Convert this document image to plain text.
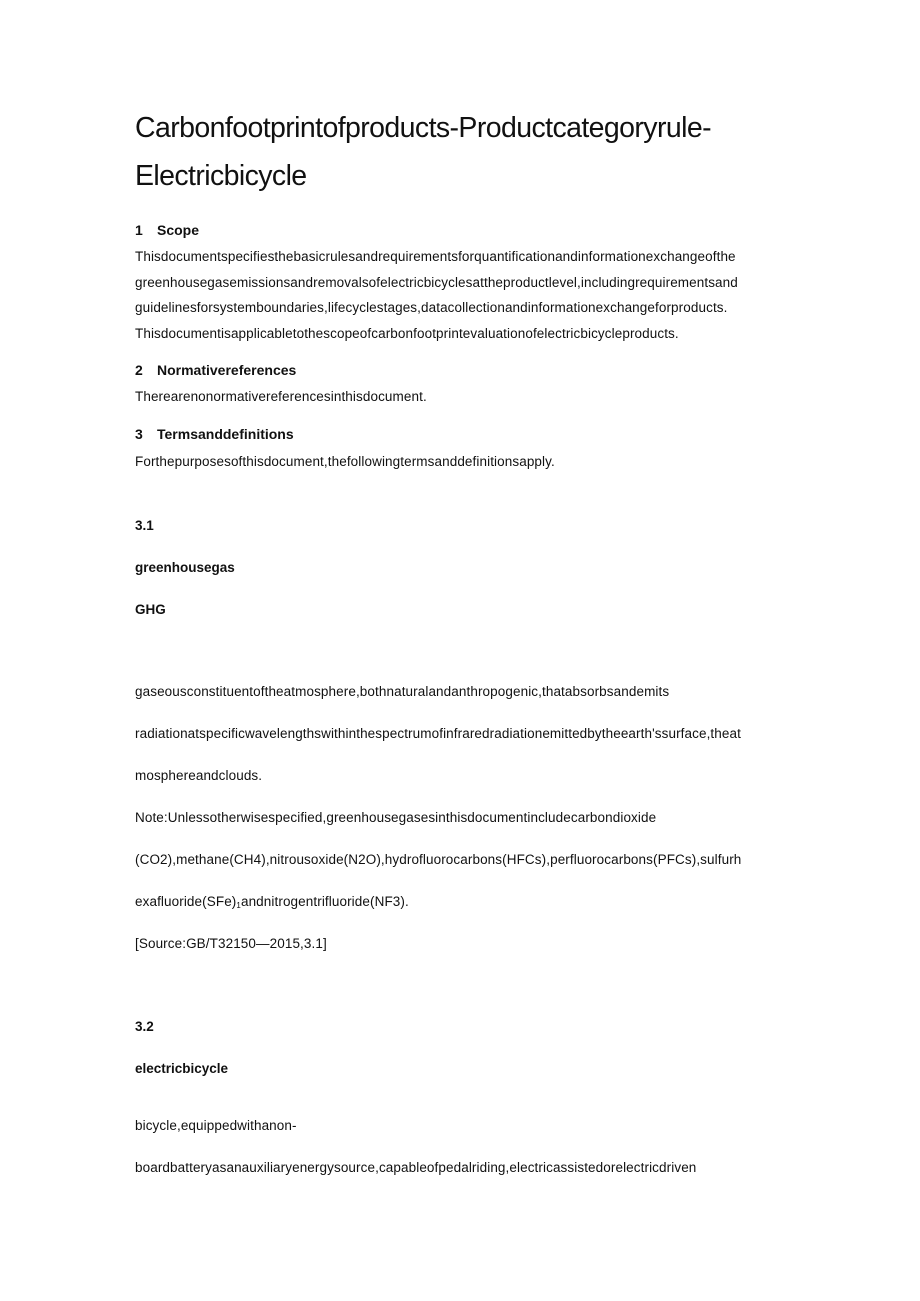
Carbonfootprintofproducts-Productcategoryrule-
Electricbicycle
1 Scope
Thisdocumentspecifiesthebasicrulesandrequirementsforquantificationandinformationexchangeofthe
greenhousegasemissionsandremovalsofelectricbicyclesattheproductlevel,includingrequirementsand
guidelinesforsystemboundaries,lifecyclestages,datacollectionandinformationexchangeforproducts.
Thisdocumentisapplicabletothescopeofcarbonfootprintevaluationofelectricbicycleproducts.
2 Normativereferences
Therearenonormativereferencesinthisdocument.
3 Termsanddefinitions
Forthepurposesofthisdocument,thefollowingtermsanddefinitionsapply.
3.1
greenhousegas
GHG
gaseousconstituentoftheatmosphere,bothnaturalandanthropogenic,thatabsorbsandemits
radiationatspecificwavelengthswithinthespectrumofinfraredradiationemittedbytheearth'ssurface,theat
mosphereandclouds.
Note:Unlessotherwisespecified,greenhousegasesinthisdocumentincludecarbondioxide
(CO2),methane(CH4),nitrousoxide(N2O),hydrofluorocarbons(HFCs),perfluorocarbons(PFCs),sulfurh
$exafluoride(SFe)_1andnitrogentrifluoride(NF3)$.
[Source:GB/T32150—2015,3.1]
3.2
electricbicycle
bicycle,equippedwithanon-
boardbatteryasanauxiliaryenergysource,capableofpedalriding,electricassistedorelectricdriven
